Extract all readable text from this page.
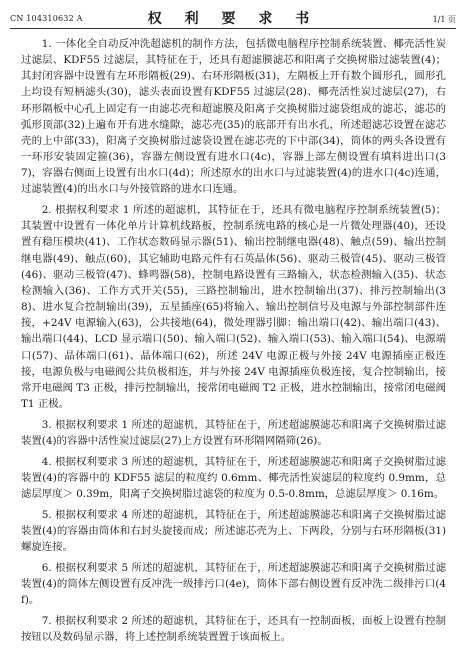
CN 104310632 A	权 利 要 求 书	1/1 页

1. 一体化全自动反冲洗超滤机的制作方法，包括微电脑程序控制系统装置、椰壳活性炭过滤层、KDF55 过滤层，其特征在于，还具有超滤膜滤芯和阳离子交换树脂过滤装置(4)；其封闭容器中设置有左环形隔板(29)、右环形隔板(31)，左隔板上开有数个圆形孔，圆形孔上均设有短柄滤头(30)，滤头表面设置有KDF55 过滤层(28)、椰壳活性炭过滤层(27)，右环形隔板中心孔上固定有一由滤芯壳和超滤膜及阳离子交换树脂过滤袋组成的滤芯，滤芯的弧形顶部(32)上遍布开有进水缝隙，滤芯壳(35)的底部开有出水孔，所述超滤芯设置在滤芯壳的上中部(33)，阳离子交换树脂过滤袋设置在滤芯壳的下中部(34)，筒体的两头各设置有一环形安装固定箍(36)，容器左侧设置有进水口(4c)，容器上部左侧设置有填料进出口(37)，容器右侧面上设置有出水口(4d)；所述原水的出水口与过滤装置(4)的进水口(4c)连通，过滤装置(4)的出水口与外接管路的进水口连通。

2. 根据权利要求 1 所述的超滤机，其特征在于，还具有微电脑程序控制系统装置(5)；其装置中设置有一体化单片计算机线路板，控制系统电路的核心是一片微处理器(40)，还设置有稳压模块(41)、工作状态数码显示器(51)、输出控制继电器(48)、触点(59)、输出控制继电器(49)、触点(60)，其它辅助电路元件有石英晶体(56)、驱动三极管(45)、驱动三极管(46)、驱动三极管(47)、蜂鸣器(58)，控制电路设置有三路输入，状态检测输入(35)、状态检测输入(36)、工作方式开关(55)，三路控制输出，进水控制输出(37)、排污控制输出(38)、进水复合控制输出(39)，五星插座(65)将输入、输出控制信号及电源与外部控制部件连接，+24V 电源输入(63)，公共接地(64)，微处理器引脚：输出端口(42)、输出端口(43)、输出端口(44)、LCD 显示端口(50)、输入端口(52)、输入端口(53)、输入端口(54)、电源端口(57)、晶体端口(61)、晶体端口(62)，所述 24V 电源正极与外接 24V 电源插座正极连接，电源负极与电磁阀公共负极相连，并与外接 24V 电源插座负极连接，复合控制输出，接常开电磁阀 T3 正极，排污控制输出，接常闭电磁阀 T2 正极，进水控制输出，接常闭电磁阀 T1 正极。

3. 根据权利要求 1 所述的超滤机，其特征在于，所述超滤膜滤芯和阳离子交换树脂过滤装置(4)的容器中活性炭过滤层(27)上方设置有环形隔网隔筛(26)。

4. 根据权利要求 3 所述的超滤机，其特征在于，所述超滤膜滤芯和阳离子交换树脂过滤装置(4)的容器中的 KDF55 滤层的粒度约 0.6mm、椰壳活性炭滤层的粒度约 0.9mm，总滤层厚度＞ 0.39m，阳离子交换树脂过滤袋的粒度为 0.5-0.8mm，总滤层厚度＞ 0.16m。

5. 根据权利要求 4 所述的超滤机，其特征在于，所述超滤膜滤芯和阳离子交换树脂过滤装置(4)的容器由筒体和右封头旋接而成；所述滤芯壳为上、下两段，分别与右环形隔板(31)螺旋连接。

6. 根据权利要求 5 所述的超滤机，其特征在于，所述超滤膜滤芯和阳离子交换树脂过滤装置(4)的筒体左侧设置有反冲洗一级排污口(4e)，筒体下部右侧设置有反冲洗二级排污口(4f)。

7. 根据权利要求 2 所述的超滤机，其特征在于，还具有一控制面板，面板上设置有控制按钮以及数码显示器，将上述控制系统装置置于该面板上。
